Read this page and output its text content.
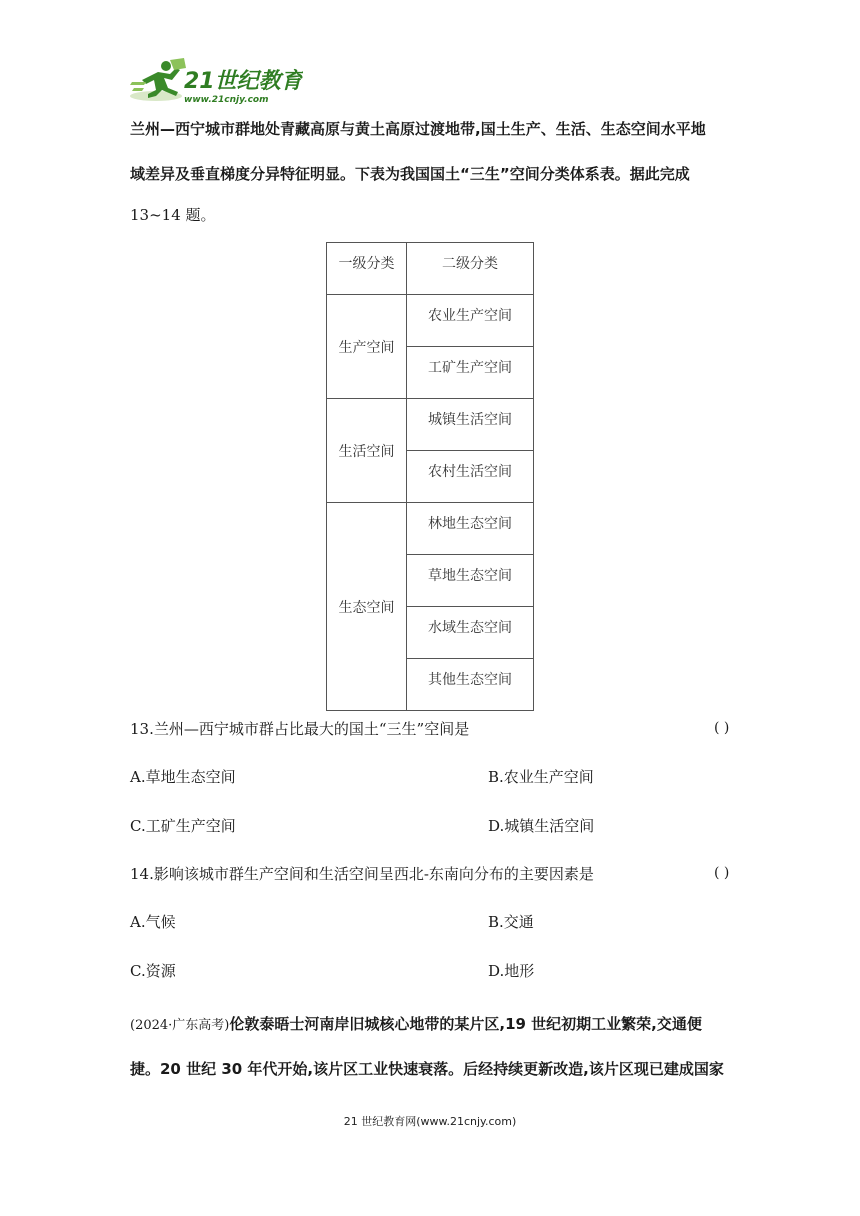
21世纪教育
www.21cnjy.com
兰州—西宁城市群地处青藏高原与黄土高原过渡地带,国土生产、生活、生态空间水平地
域差异及垂直梯度分异特征明显。下表为我国国土“三生”空间分类体系表。据此完成
13~14 题。
一级分类	二级分类
生产空间	农业生产空间
	工矿生产空间
生活空间	城镇生活空间
	农村生活空间
生态空间	林地生态空间
	草地生态空间
	水域生态空间
	其他生态空间
13.兰州—西宁城市群占比最大的国土“三生”空间是	( )
A.草地生态空间	B.农业生产空间
C.工矿生产空间	D.城镇生活空间
14.影响该城市群生产空间和生活空间呈西北-东南向分布的主要因素是	( )
A.气候	B.交通
C.资源	D.地形
(2024·广东高考)伦敦泰晤士河南岸旧城核心地带的某片区,19 世纪初期工业繁荣,交通便
捷。20 世纪 30 年代开始,该片区工业快速衰落。后经持续更新改造,该片区现已建成国家
21 世纪教育网(www.21cnjy.com)
